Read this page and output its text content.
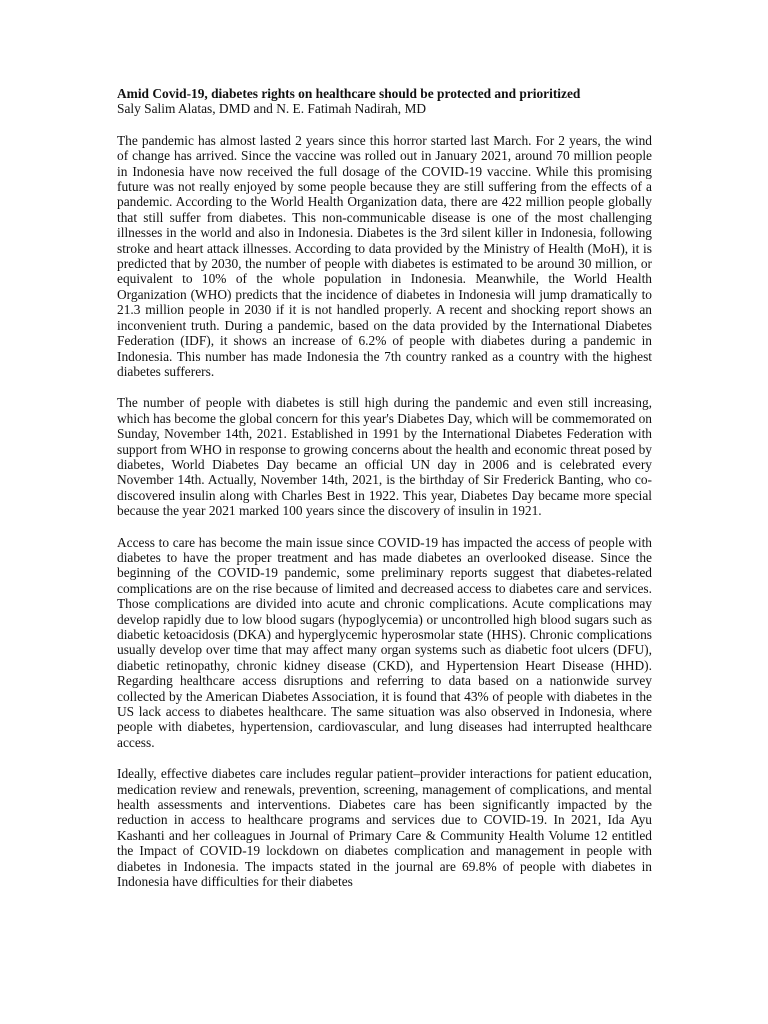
Amid Covid-19, diabetes rights on healthcare should be protected and prioritized

Saly Salim Alatas, DMD and N. E. Fatimah Nadirah, MD

The pandemic has almost lasted 2 years since this horror started last March. For 2 years, the wind of change has arrived. Since the vaccine was rolled out in January 2021, around 70 million people in Indonesia have now received the full dosage of the COVID-19 vaccine. While this promising future was not really enjoyed by some people because they are still suffering from the effects of a pandemic. According to the World Health Organization data, there are 422 million people globally that still suffer from diabetes. This non-communicable disease is one of the most challenging illnesses in the world and also in Indonesia. Diabetes is the 3rd silent killer in Indonesia, following stroke and heart attack illnesses. According to data provided by the Ministry of Health (MoH), it is predicted that by 2030, the number of people with diabetes is estimated to be around 30 million, or equivalent to 10% of the whole population in Indonesia. Meanwhile, the World Health Organization (WHO) predicts that the incidence of diabetes in Indonesia will jump dramatically to 21.3 million people in 2030 if it is not handled properly. A recent and shocking report shows an inconvenient truth. During a pandemic, based on the data provided by the International Diabetes Federation (IDF), it shows an increase of 6.2% of people with diabetes during a pandemic in Indonesia. This number has made Indonesia the 7th country ranked as a country with the highest diabetes sufferers.

The number of people with diabetes is still high during the pandemic and even still increasing, which has become the global concern for this year's Diabetes Day, which will be commemorated on Sunday, November 14th, 2021. Established in 1991 by the International Diabetes Federation with support from WHO in response to growing concerns about the health and economic threat posed by diabetes, World Diabetes Day became an official UN day in 2006 and is celebrated every November 14th. Actually, November 14th, 2021, is the birthday of Sir Frederick Banting, who co-discovered insulin along with Charles Best in 1922. This year, Diabetes Day became more special because the year 2021 marked 100 years since the discovery of insulin in 1921.

Access to care has become the main issue since COVID-19 has impacted the access of people with diabetes to have the proper treatment and has made diabetes an overlooked disease. Since the beginning of the COVID-19 pandemic, some preliminary reports suggest that diabetes-related complications are on the rise because of limited and decreased access to diabetes care and services. Those complications are divided into acute and chronic complications. Acute complications may develop rapidly due to low blood sugars (hypoglycemia) or uncontrolled high blood sugars such as diabetic ketoacidosis (DKA) and hyperglycemic hyperosmolar state (HHS). Chronic complications usually develop over time that may affect many organ systems such as diabetic foot ulcers (DFU), diabetic retinopathy, chronic kidney disease (CKD), and Hypertension Heart Disease (HHD). Regarding healthcare access disruptions and referring to data based on a nationwide survey collected by the American Diabetes Association, it is found that 43% of people with diabetes in the US lack access to diabetes healthcare. The same situation was also observed in Indonesia, where people with diabetes, hypertension, cardiovascular, and lung diseases had interrupted healthcare access.

Ideally, effective diabetes care includes regular patient–provider interactions for patient education, medication review and renewals, prevention, screening, management of complications, and mental health assessments and interventions. Diabetes care has been significantly impacted by the reduction in access to healthcare programs and services due to COVID-19. In 2021, Ida Ayu Kashanti and her colleagues in Journal of Primary Care & Community Health Volume 12 entitled the Impact of COVID-19 lockdown on diabetes complication and management in people with diabetes in Indonesia. The impacts stated in the journal are 69.8% of people with diabetes in Indonesia have difficulties for their diabetes
